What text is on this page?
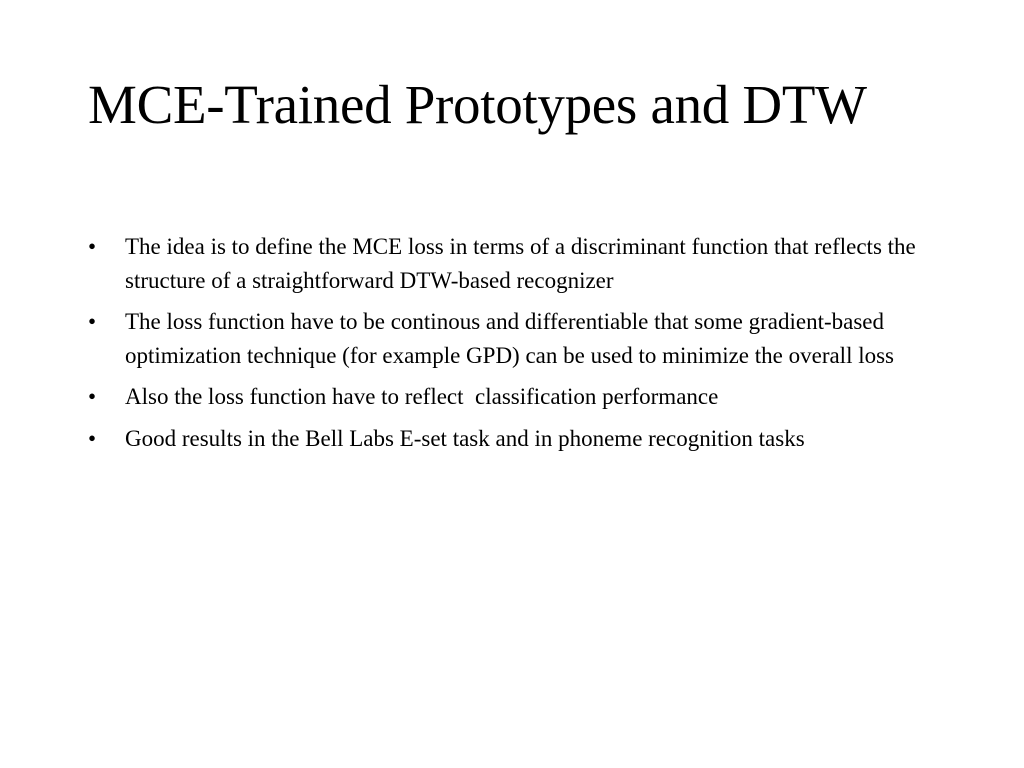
MCE-Trained Prototypes and DTW
• The idea is to define the MCE loss in terms of a discriminant function that reflects the structure of a straightforward DTW-based recognizer
• The loss function have to be continous and differentiable that some gradient-based optimization technique (for example GPD) can be used to minimize the overall loss
• Also the loss function have to reflect  classification performance
• Good results in the Bell Labs E-set task and in phoneme recognition tasks
